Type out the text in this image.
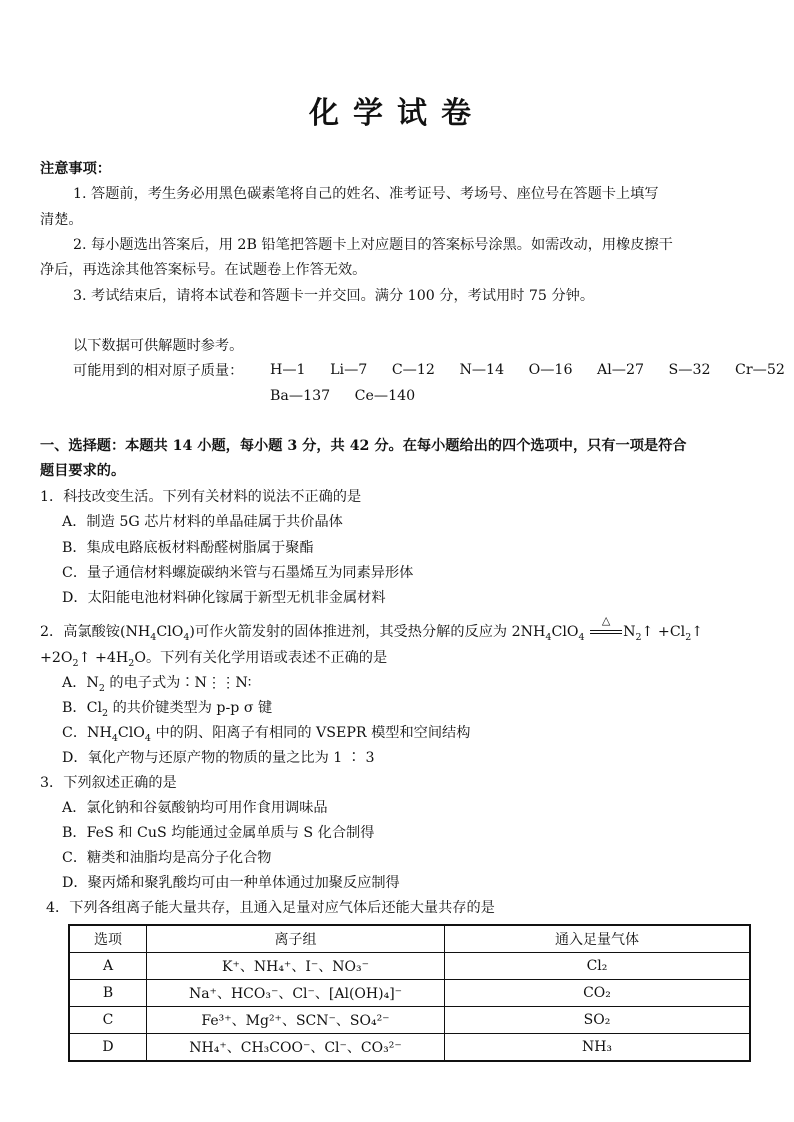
化学试卷
注意事项：
1. 答题前，考生务必用黑色碳素笔将自己的姓名、准考证号、考场号、座位号在答题卡上填写
清楚。
2. 每小题选出答案后，用 2B 铅笔把答题卡上对应题目的答案标号涂黑。如需改动，用橡皮擦干
净后，再选涂其他答案标号。在试题卷上作答无效。
3. 考试结束后，请将本试卷和答题卡一并交回。满分 100 分，考试用时 75 分钟。
以下数据可供解题时参考。
可能用到的相对原子质量：	H—1 Li—7 C—12 N—14 O—16 Al—27 S—32 Cr—52
Ba—137 Ce—140
一、选择题：本题共 14 小题，每小题 3 分，共 42 分。在每小题给出的四个选项中，只有一项是符合
题目要求的。
1．科技改变生活。下列有关材料的说法不正确的是
A．制造 5G 芯片材料的单晶硅属于共价晶体
B．集成电路底板材料酚醛树脂属于聚酯
C．量子通信材料螺旋碳纳米管与石墨烯互为同素异形体
D．太阳能电池材料砷化镓属于新型无机非金属材料
2．高氯酸铵$(NH_4ClO_4)$可作火箭发射的固体推进剂，其受热分解的反应为 $2NH_4ClO_4$
△
$N_2↑$ $+Cl_2↑$
$+2O_2↑ +4H_2O$。下列有关化学用语或表述不正确的是
A．$N_2$ 的电子式为∶N⋮⋮N∶
B．$Cl_2$ 的共价键类型为 p-p σ 键
C．$NH_4ClO_4$ 中的阴、阳离子有相同的 VSEPR 模型和空间结构
D．氧化产物与还原产物的物质的量之比为 1 ∶ 3
3．下列叙述正确的是
A．氯化钠和谷氨酸钠均可用作食用调味品
B．FeS 和 CuS 均能通过金属单质与 S 化合制得
C．糖类和油脂均是高分子化合物
D．聚丙烯和聚乳酸均可由一种单体通过加聚反应制得
4．下列各组离子能大量共存，且通入足量对应气体后还能大量共存的是
选项	离子组	通入足量气体
A	K⁺、NH₄⁺、I⁻、NO₃⁻	Cl₂
B	Na⁺、HCO₃⁻、Cl⁻、[Al(OH)₄]⁻	CO₂
C	Fe³⁺、Mg²⁺、SCN⁻、SO₄²⁻	SO₂
D	NH₄⁺、CH₃COO⁻、Cl⁻、CO₃²⁻	NH₃
